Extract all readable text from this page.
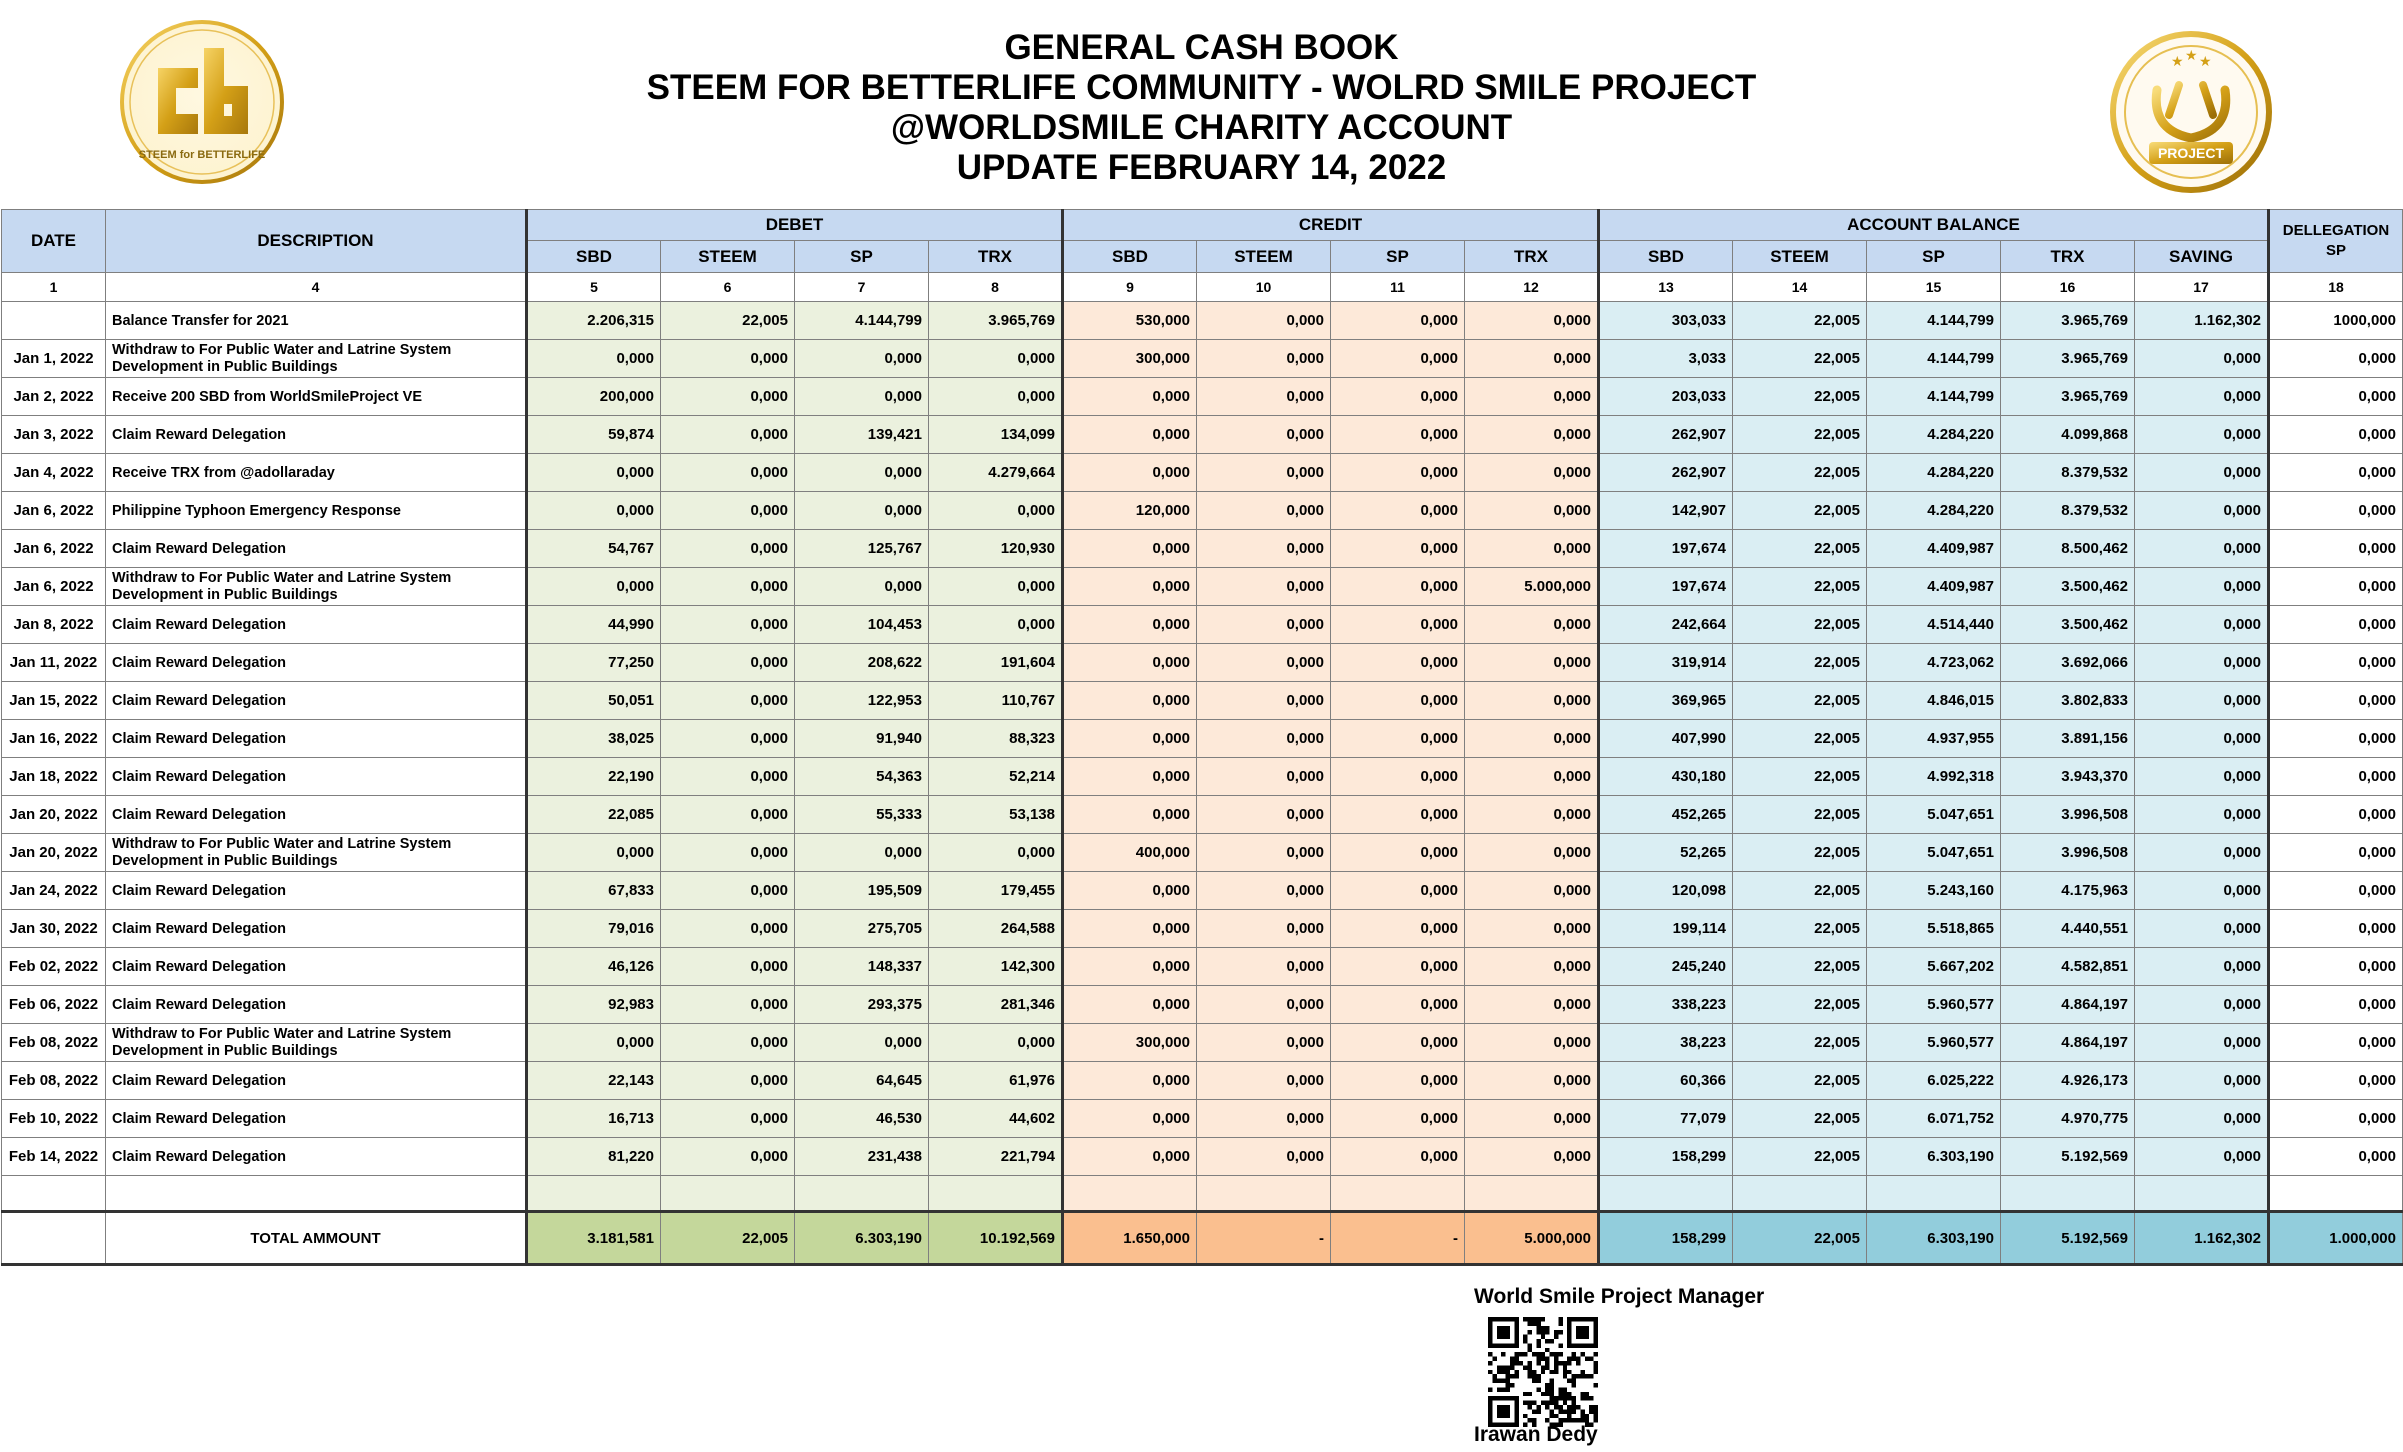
STEEM for BETTERLIFE
★ ★ ★
PROJECT
GENERAL CASH BOOK
STEEM FOR BETTERLIFE COMMUNITY - WOLRD SMILE PROJECT
@WORLDSMILE CHARITY ACCOUNT
UPDATE FEBRUARY 14, 2022
DATE	DESCRIPTION	DEBET				CREDIT				ACCOUNT BALANCE					DELLEGATION SP
		SBD	STEEM	SP	TRX	SBD	STEEM	SP	TRX	SBD	STEEM	SP	TRX	SAVING	
1	4	5	6	7	8	9	10	11	12	13	14	15	16	17	18
	Balance Transfer for 2021	2.206,315	22,005	4.144,799	3.965,769	530,000	0,000	0,000	0,000	303,033	22,005	4.144,799	3.965,769	1.162,302	1000,000
Jan 1, 2022	Withdraw to For Public Water and Latrine System Development in Public Buildings	0,000	0,000	0,000	0,000	300,000	0,000	0,000	0,000	3,033	22,005	4.144,799	3.965,769	0,000	0,000
Jan 2, 2022	Receive 200 SBD from WorldSmileProject VE	200,000	0,000	0,000	0,000	0,000	0,000	0,000	0,000	203,033	22,005	4.144,799	3.965,769	0,000	0,000
Jan 3, 2022	Claim Reward Delegation	59,874	0,000	139,421	134,099	0,000	0,000	0,000	0,000	262,907	22,005	4.284,220	4.099,868	0,000	0,000
Jan 4, 2022	Receive TRX from @adollaraday	0,000	0,000	0,000	4.279,664	0,000	0,000	0,000	0,000	262,907	22,005	4.284,220	8.379,532	0,000	0,000
Jan 6, 2022	Philippine Typhoon Emergency Response	0,000	0,000	0,000	0,000	120,000	0,000	0,000	0,000	142,907	22,005	4.284,220	8.379,532	0,000	0,000
Jan 6, 2022	Claim Reward Delegation	54,767	0,000	125,767	120,930	0,000	0,000	0,000	0,000	197,674	22,005	4.409,987	8.500,462	0,000	0,000
Jan 6, 2022	Withdraw to For Public Water and Latrine System Development in Public Buildings	0,000	0,000	0,000	0,000	0,000	0,000	0,000	5.000,000	197,674	22,005	4.409,987	3.500,462	0,000	0,000
Jan 8, 2022	Claim Reward Delegation	44,990	0,000	104,453	0,000	0,000	0,000	0,000	0,000	242,664	22,005	4.514,440	3.500,462	0,000	0,000
Jan 11, 2022	Claim Reward Delegation	77,250	0,000	208,622	191,604	0,000	0,000	0,000	0,000	319,914	22,005	4.723,062	3.692,066	0,000	0,000
Jan 15, 2022	Claim Reward Delegation	50,051	0,000	122,953	110,767	0,000	0,000	0,000	0,000	369,965	22,005	4.846,015	3.802,833	0,000	0,000
Jan 16, 2022	Claim Reward Delegation	38,025	0,000	91,940	88,323	0,000	0,000	0,000	0,000	407,990	22,005	4.937,955	3.891,156	0,000	0,000
Jan 18, 2022	Claim Reward Delegation	22,190	0,000	54,363	52,214	0,000	0,000	0,000	0,000	430,180	22,005	4.992,318	3.943,370	0,000	0,000
Jan 20, 2022	Claim Reward Delegation	22,085	0,000	55,333	53,138	0,000	0,000	0,000	0,000	452,265	22,005	5.047,651	3.996,508	0,000	0,000
Jan 20, 2022	Withdraw to For Public Water and Latrine System Development in Public Buildings	0,000	0,000	0,000	0,000	400,000	0,000	0,000	0,000	52,265	22,005	5.047,651	3.996,508	0,000	0,000
Jan 24, 2022	Claim Reward Delegation	67,833	0,000	195,509	179,455	0,000	0,000	0,000	0,000	120,098	22,005	5.243,160	4.175,963	0,000	0,000
Jan 30, 2022	Claim Reward Delegation	79,016	0,000	275,705	264,588	0,000	0,000	0,000	0,000	199,114	22,005	5.518,865	4.440,551	0,000	0,000
Feb 02, 2022	Claim Reward Delegation	46,126	0,000	148,337	142,300	0,000	0,000	0,000	0,000	245,240	22,005	5.667,202	4.582,851	0,000	0,000
Feb 06, 2022	Claim Reward Delegation	92,983	0,000	293,375	281,346	0,000	0,000	0,000	0,000	338,223	22,005	5.960,577	4.864,197	0,000	0,000
Feb 08, 2022	Withdraw to For Public Water and Latrine System Development in Public Buildings	0,000	0,000	0,000	0,000	300,000	0,000	0,000	0,000	38,223	22,005	5.960,577	4.864,197	0,000	0,000
Feb 08, 2022	Claim Reward Delegation	22,143	0,000	64,645	61,976	0,000	0,000	0,000	0,000	60,366	22,005	6.025,222	4.926,173	0,000	0,000
Feb 10, 2022	Claim Reward Delegation	16,713	0,000	46,530	44,602	0,000	0,000	0,000	0,000	77,079	22,005	6.071,752	4.970,775	0,000	0,000
Feb 14, 2022	Claim Reward Delegation	81,220	0,000	231,438	221,794	0,000	0,000	0,000	0,000	158,299	22,005	6.303,190	5.192,569	0,000	0,000

	TOTAL AMMOUNT	3.181,581	22,005	6.303,190	10.192,569	1.650,000	-	-	5.000,000	158,299	22,005	6.303,190	5.192,569	1.162,302	1.000,000
World Smile Project Manager
Irawan Dedy
